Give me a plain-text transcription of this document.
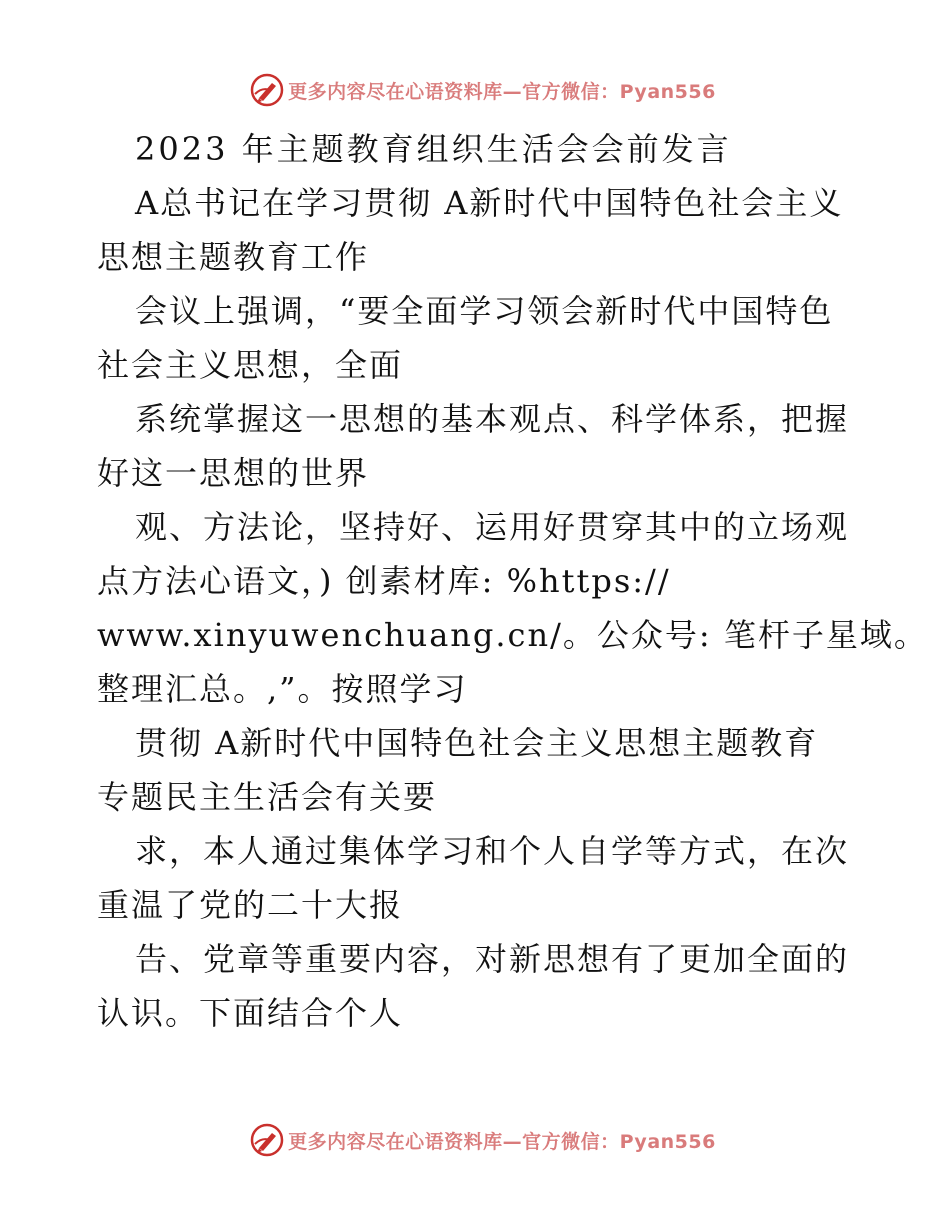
更多内容尽在心语资料库—官方微信：Pyan556
2023 年主题教育组织生活会会前发言
A总书记在学习贯彻 A新时代中国特色社会主义
思想主题教育工作
会议上强调，“要全面学习领会新时代中国特色
社会主义思想，全面
系统掌握这一思想的基本观点、科学体系，把握
好这一思想的世界
观、方法论，坚持好、运用好贯穿其中的立场观
点方法心语文，) 创素材库: %https://
www.xinyuwenchuang.cn/。公众号: 笔杆子星域。
整理汇总。,”。按照学习
贯彻 A新时代中国特色社会主义思想主题教育
专题民主生活会有关要
求，本人通过集体学习和个人自学等方式，在次
重温了党的二十大报
告、党章等重要内容，对新思想有了更加全面的
认识。下面结合个人
更多内容尽在心语资料库—官方微信：Pyan556
